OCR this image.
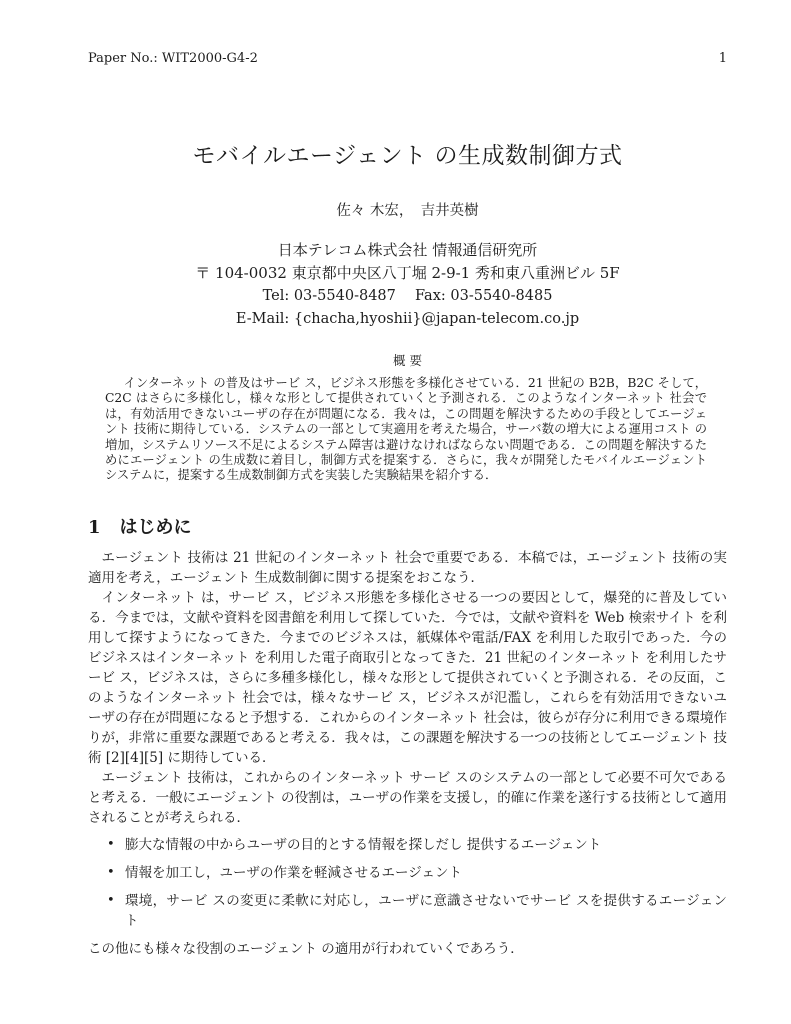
Paper No.: WIT2000-G4-2	1
モバイルエージェント の生成数制御方式
佐々 木宏，　吉井英樹
日本テレコム株式会社 情報通信研究所
〒 104-0032 東京都中央区八丁堀 2-9-1 秀和東八重洲ビル 5F
Tel: 03-5540-8487　 Fax: 03-5540-8485
E-Mail: {chacha,hyoshii}@japan-telecom.co.jp
概 要

インターネット の普及はサービ ス，ビジネス形態を多様化させている．21 世紀の B2B，B2C そして，C2C はさらに多様化し，様々な形として提供されていくと予測される．このようなインターネット 社会では，有効活用できないユーザの存在が問題になる．我々は，この問題を解決するための手段としてエージェント 技術に期待している．システムの一部として実適用を考えた場合，サーバ数の増大による運用コスト の増加，システムリソース不足によるシステム障害は避けなければならない問題である．この問題を解決するためにエージェント の生成数に着目し，制御方式を提案する．さらに，我々が開発したモバイルエージェント システムに，提案する生成数制御方式を実装した実験結果を紹介する．

1 はじめに

エージェント 技術は 21 世紀のインターネット 社会で重要である．本稿では，エージェント 技術の実適用を考え，エージェント 生成数制御に関する提案をおこなう．

インターネット は，サービ ス，ビジネス形態を多様化させる一つの要因として，爆発的に普及している．今までは，文献や資料を図書館を利用して探していた．今では，文献や資料を Web 検索サイト を利用して探すようになってきた．今までのビジネスは，紙媒体や電話/FAX を利用した取引であった．今のビジネスはインターネット を利用した電子商取引となってきた．21 世紀のインターネット を利用したサービ ス，ビジネスは，さらに多種多様化し，様々な形として提供されていくと予測される．その反面，このようなインターネット 社会では，様々なサービ ス，ビジネスが氾濫し，これらを有効活用できないユーザの存在が問題になると予想する．これからのインターネット 社会は，彼らが存分に利用できる環境作りが，非常に重要な課題であると考える．我々は，この課題を解決する一つの技術としてエージェント 技術 [2][4][5] に期待している．

エージェント 技術は，これからのインターネット サービ スのシステムの一部として必要不可欠であると考える．一般にエージェント の役割は，ユーザの作業を支援し，的確に作業を遂行する技術として適用されることが考えられる．

• 膨大な情報の中からユーザの目的とする情報を探しだし 提供するエージェント
• 情報を加工し，ユーザの作業を軽減させるエージェント
• 環境，サービ スの変更に柔軟に対応し，ユーザに意識させないでサービ スを提供するエージェント

この他にも様々な役割のエージェント の適用が行われていくであろう．
